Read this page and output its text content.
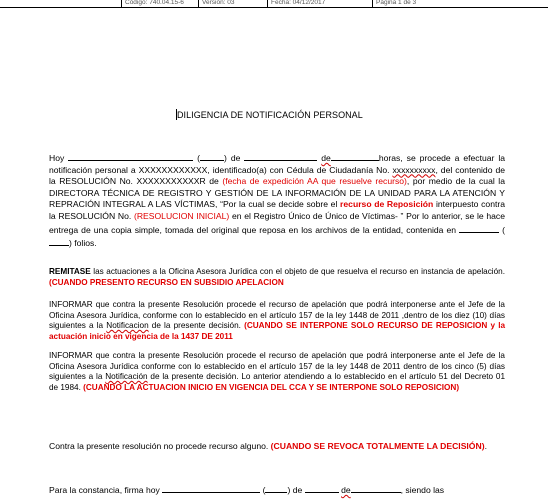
	Código: 740.04.15-6	Versión: 03	Fecha: 04/12/2017	Página 1 de 3
DILIGENCIA DE NOTIFICACIÓN PERSONAL
Hoy	(	) de	de	horas, se procede a efectuar la notificación personal a XXXXXXXXXXXX, identificado(a) con Cédula de Ciudadanía No. xxxxxxxxxx, del contenido de la RESOLUCIÓN No. XXXXXXXXXXXR de (fecha de expedición AA que resuelve recurso), por medio de la cual la DIRECTORA TÉCNICA DE REGISTRO Y GESTIÓN DE LA INFORMACIÓN DE LA UNIDAD PARA LA ATENCIÓN Y REPRACIÓN INTEGRAL A LAS VÍCTIMAS, “Por la cual se decide sobre el recurso de Reposición interpuesto contra la RESOLUCIÓN No. (RESOLUCION INICIAL) en el Registro Único de Único de Víctimas- ” Por lo anterior, se le hace entrega de una copia simple, tomada del original que reposa en los archivos de la entidad, contenida en	() folios.
REMITASE las actuaciones a la Oficina Asesora Jurídica con el objeto de que resuelva el recurso en instancia de apelación. (CUANDO PRESENTO RECURSO EN SUBSIDIO APELACION
INFORMAR que contra la presente Resolución procede el recurso de apelación que podrá interponerse ante el Jefe de la Oficina Asesora Jurídica, conforme con lo establecido en el artículo 157 de la ley 1448 de 2011 ,dentro de los diez (10) días siguientes a la Notificacion de la presente decisión. (CUANDO SE INTERPONE SOLO RECURSO DE REPOSICION y la actuación inicio en vigencia de la 1437 DE 2011
INFORMAR que contra la presente Resolución procede el recurso de apelación que podrá interponerse ante el Jefe de la Oficina Asesora Jurídica conforme con lo establecido en el artículo 157 de la ley 1448 de 2011 dentro de los cinco (5) días siguientes a la Notificación de la presente decisión. Lo anterior atendiendo a lo establecido en el artículo 51 del Decreto 01 de 1984. (CUANDO LA ACTUACION INICIO EN VIGENCIA DEL CCA Y SE INTERPONE SOLO REPOSICION)
Contra la presente resolución no procede recurso alguno. (CUANDO SE REVOCA TOTALMENTE LA DECISIÓN).
Para la constancia, firma hoy	(	) de	de	, siendo las
